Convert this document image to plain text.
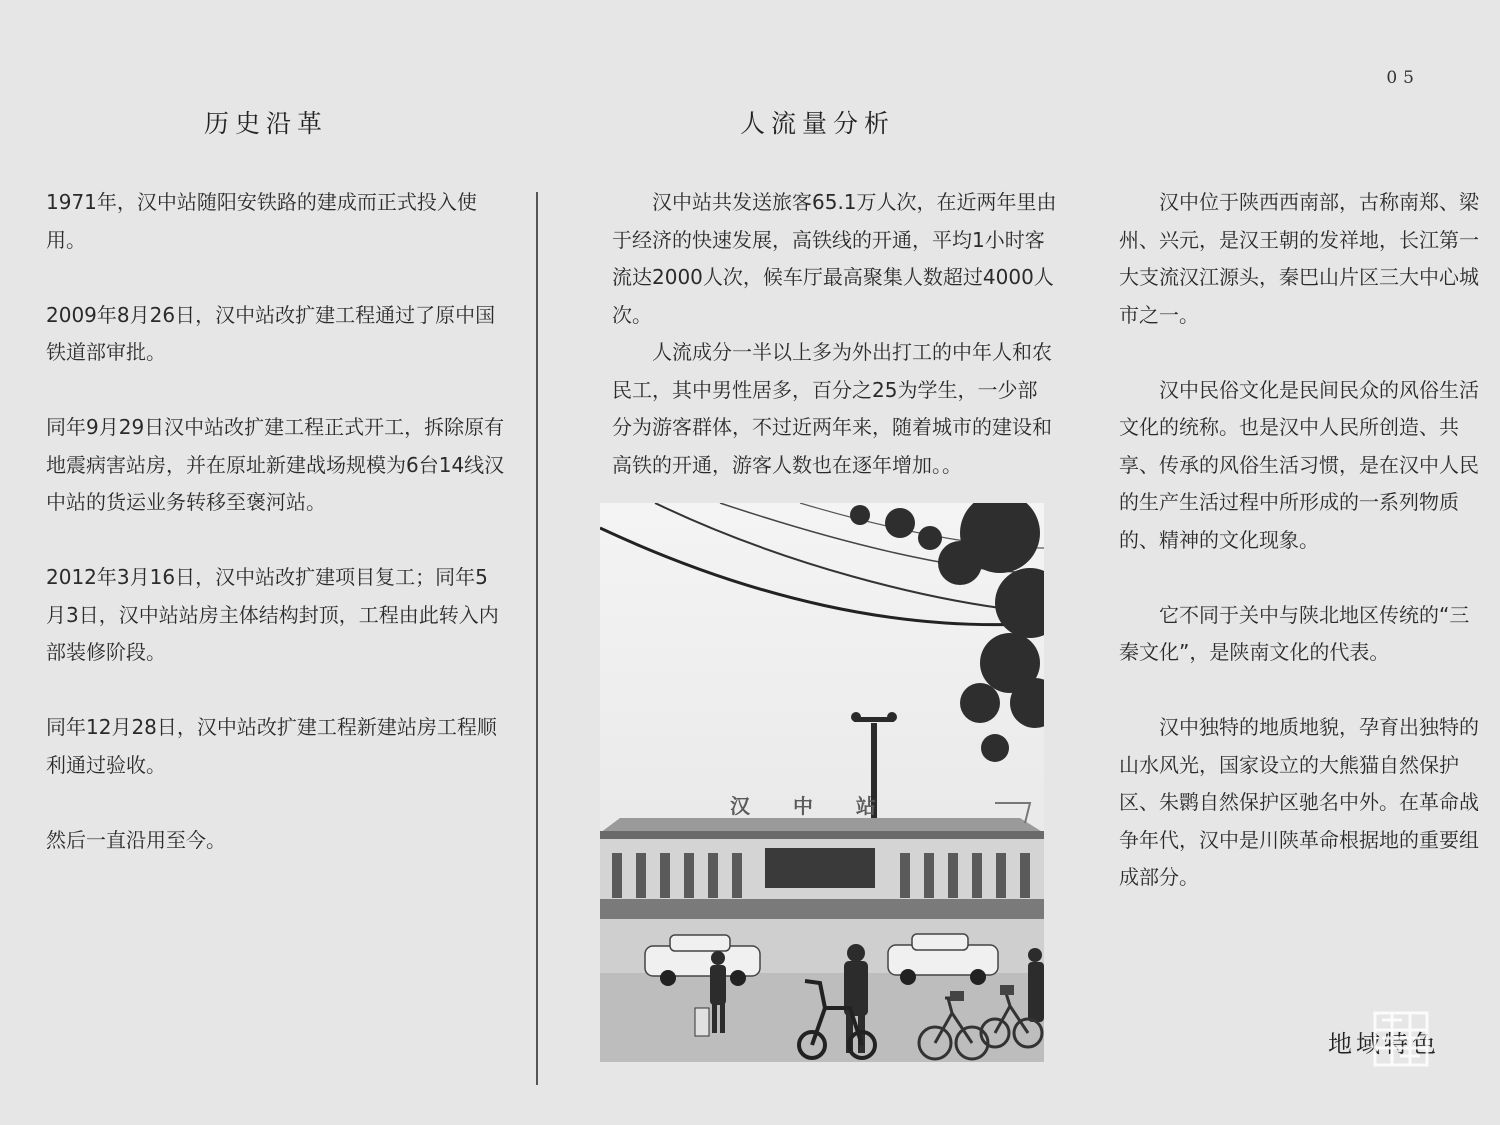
05
历史沿革	人流量分析

1971年，汉中站随阳安铁路的建成而正式投入使用。

2009年8月26日，汉中站改扩建工程通过了原中国铁道部审批。

同年9月29日汉中站改扩建工程正式开工，拆除原有地震病害站房，并在原址新建战场规模为6台14线汉中站的货运业务转移至褒河站。

2012年3月16日，汉中站改扩建项目复工；同年5月3日，汉中站站房主体结构封顶，工程由此转入内部装修阶段。

同年12月28日，汉中站改扩建工程新建站房工程顺利通过验收。

然后一直沿用至今。

汉中站共发送旅客65.1万人次，在近两年里由于经济的快速发展，高铁线的开通，平均1小时客流达2000人次，候车厅最高聚集人数超过4000人次。

人流成分一半以上多为外出打工的中年人和农民工，其中男性居多，百分之25为学生，一少部分为游客群体，不过近两年来，随着城市的建设和高铁的开通，游客人数也在逐年增加。。

汉 中 站

汉中位于陕西西南部，古称南郑、梁州、兴元，是汉王朝的发祥地，长江第一大支流汉江源头，秦巴山片区三大中心城市之一。

汉中民俗文化是民间民众的风俗生活文化的统称。也是汉中人民所创造、共享、传承的风俗生活习惯，是在汉中人民的生产生活过程中所形成的一系列物质的、精神的文化现象。

它不同于关中与陕北地区传统的“三秦文化”，是陕南文化的代表。

汉中独特的地质地貌，孕育出独特的山水风光，国家设立的大熊猫自然保护区、朱鹮自然保护区驰名中外。在革命战争年代，汉中是川陕革命根据地的重要组成部分。

地域特色
